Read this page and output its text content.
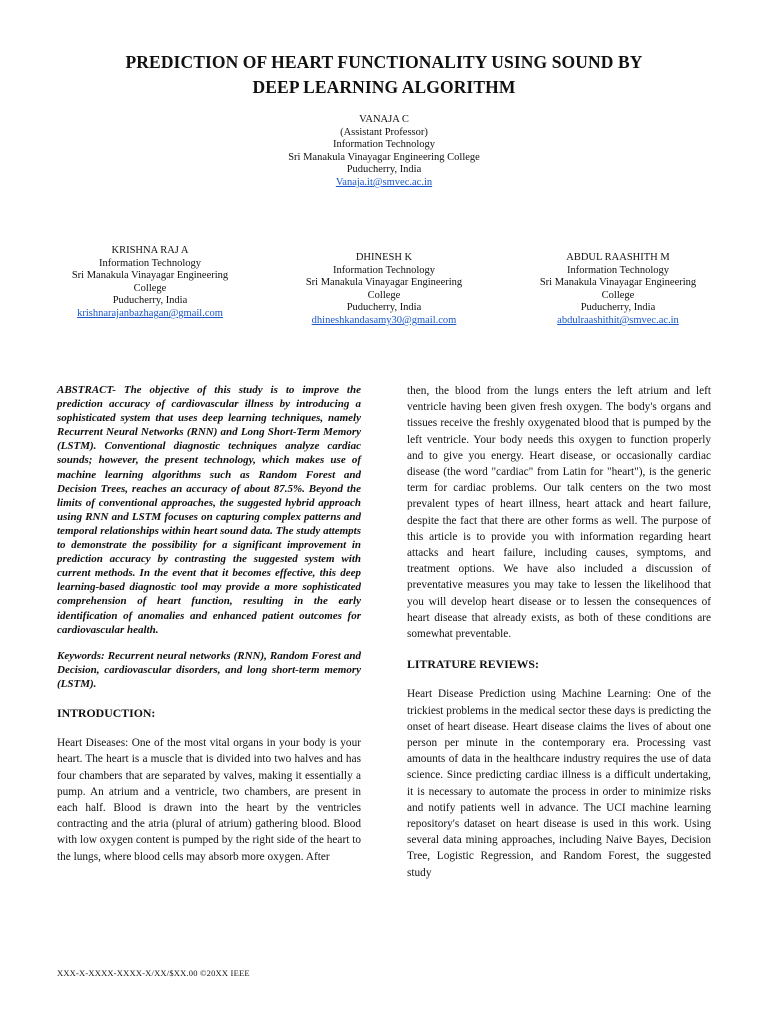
PREDICTION OF HEART FUNCTIONALITY USING SOUND BY
DEEP LEARNING ALGORITHM
VANAJA C
(Assistant Professor)
Information Technology
Sri Manakula Vinayagar Engineering College
Puducherry, India
Vanaja.it@smvec.ac.in
KRISHNA RAJ A
Information Technology
Sri Manakula Vinayagar Engineering
College
Puducherry, India
krishnarajanbazhagan@gmail.com
DHINESH K
Information Technology
Sri Manakula Vinayagar Engineering
College
Puducherry, India
dhineshkandasamy30@gmail.com
ABDUL RAASHITH M
Information Technology
Sri Manakula Vinayagar Engineering
College
Puducherry, India
abdulraashithit@smvec.ac.in

ABSTRACT- The objective of this study is to improve the prediction accuracy of cardiovascular illness by introducing a sophisticated system that uses deep learning techniques, namely Recurrent Neural Networks (RNN) and Long Short-Term Memory (LSTM). Conventional diagnostic techniques analyze cardiac sounds; however, the present technology, which makes use of machine learning algorithms such as Random Forest and Decision Trees, reaches an accuracy of about 87.5%. Beyond the limits of conventional approaches, the suggested hybrid approach using RNN and LSTM focuses on capturing complex patterns and temporal relationships within heart sound data. The study attempts to demonstrate the possibility for a significant improvement in prediction accuracy by contrasting the suggested system with current methods. In the event that it becomes effective, this deep learning-based diagnostic tool may provide a more sophisticated comprehension of heart function, resulting in the early identification of anomalies and enhanced patient outcomes for cardiovascular health.

Keywords: Recurrent neural networks (RNN), Random Forest and Decision, cardiovascular disorders, and long short-term memory (LSTM).

INTRODUCTION:

Heart Diseases: One of the most vital organs in your body is your heart. The heart is a muscle that is divided into two halves and has four chambers that are separated by valves, making it essentially a pump. An atrium and a ventricle, two chambers, are present in each half. Blood is drawn into the heart by the ventricles contracting and the atria (plural of atrium) gathering blood. Blood with low oxygen content is pumped by the right side of the heart to the lungs, where blood cells may absorb more oxygen. After

then, the blood from the lungs enters the left atrium and left ventricle having been given fresh oxygen. The body's organs and tissues receive the freshly oxygenated blood that is pumped by the left ventricle. Your body needs this oxygen to function properly and to give you energy. Heart disease, or occasionally cardiac disease (the word "cardiac" from Latin for "heart"), is the generic term for cardiac problems. Our talk centers on the two most prevalent types of heart illness, heart attack and heart failure, despite the fact that there are other forms as well. The purpose of this article is to provide you with information regarding heart attacks and heart failure, including causes, symptoms, and treatment options. We have also included a discussion of preventative measures you may take to lessen the likelihood that you will develop heart disease or to lessen the consequences of heart disease that already exists, as both of these conditions are somewhat preventable.

LITRATURE REVIEWS:

Heart Disease Prediction using Machine Learning: One of the trickiest problems in the medical sector these days is predicting the onset of heart disease. Heart disease claims the lives of about one person per minute in the contemporary era. Processing vast amounts of data in the healthcare industry requires the use of data science. Since predicting cardiac illness is a difficult undertaking, it is necessary to automate the process in order to minimize risks and notify patients well in advance. The UCI machine learning repository's dataset on heart disease is used in this work. Using several data mining approaches, including Naive Bayes, Decision Tree, Logistic Regression, and Random Forest, the suggested study

XXX-X-XXXX-XXXX-X/XX/$XX.00 ©20XX IEEE
